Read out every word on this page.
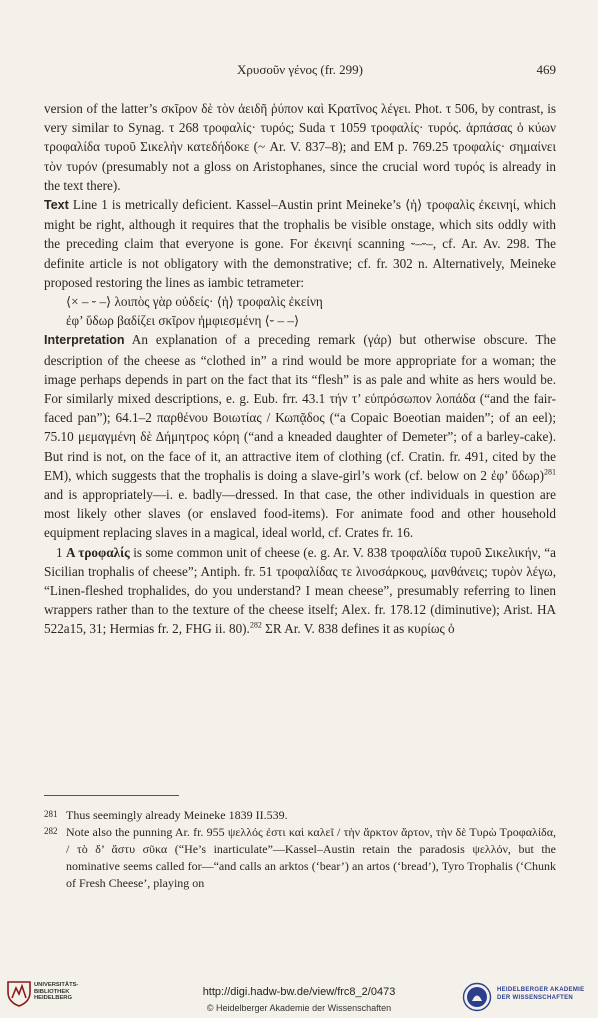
Χρυσοῦν γένος (fr. 299)	469

version of the latter’s σκῖρον δὲ τὸν ἀειδῆ ῥύπον καὶ Κρατῖνος λέγει. Phot. τ 506, by contrast, is very similar to Synag. τ 268 τροφαλίς· τυρός; Suda τ 1059 τροφαλίς· τυρός. ἁρπάσας ὁ κύων τροφαλίδα τυροῦ Σικελὴν κατεδήδοκε (~ Ar. V. 837–8); and EM p. 769.25 τροφαλίς· σημαίνει τὸν τυρόν (presumably not a gloss on Aristophanes, since the crucial word τυρός is already in the text there).

Text Line 1 is metrically deficient. Kassel–Austin print Meineke’s ⟨ἡ⟩ τροφαλὶς ἐκεινηί, which might be right, although it requires that the trophalis be visible onstage, which sits oddly with the preceding claim that everyone is gone. For ἐκεινηί scanning ⏑–⏑–, cf. Ar. Av. 298. The definite article is not obligatory with the demonstrative; cf. fr. 302 n. Alternatively, Meineke proposed restoring the lines as iambic tetrameter:

⟨× – ⏑ –⟩ λοιπὸς γὰρ οὐδείς· ⟨ἡ⟩ τροφαλὶς ἐκείνη

ἐφ’ ὕδωρ βαδίζει σκῖρον ἠμφιεσμένη ⟨⏑ – –⟩

Interpretation An explanation of a preceding remark (γάρ) but otherwise obscure. The description of the cheese as “clothed in” a rind would be more appropriate for a woman; the image perhaps depends in part on the fact that its “flesh” is as pale and white as hers would be. For similarly mixed descriptions, e. g. Eub. frr. 43.1 τήν τ’ εὐπρόσωπον λοπάδα (“and the fair-faced pan”); 64.1–2 παρθένου Βοιωτίας / Κωπᾷδος (“a Copaic Boeotian maiden”; of an eel); 75.10 μεμαγμένη δὲ Δήμητρος κόρη (“and a kneaded daughter of Demeter”; of a barley-cake). But rind is not, on the face of it, an attractive item of clothing (cf. Cratin. fr. 491, cited by the EM), which suggests that the trophalis is doing a slave-girl’s work (cf. below on 2 ἐφ’ ὕδωρ)$^{281}$ and is appropriately—i. e. badly—dressed. In that case, the other individuals in question are most likely other slaves (or enslaved food-items). For animate food and other household equipment replacing slaves in a magical, ideal world, cf. Crates fr. 16.

1 A τροφαλίς is some common unit of cheese (e. g. Ar. V. 838 τροφαλίδα τυροῦ Σικελικήν, “a Sicilian trophalis of cheese”; Antiph. fr. 51 τροφαλίδας τε λινοσάρκους, μανθάνεις; τυρὸν λέγω, “Linen-fleshed trophalides, do you understand? I mean cheese”, presumably referring to linen wrappers rather than to the texture of the cheese itself; Alex. fr. 178.12 (diminutive); Arist. HA 522a15, 31; Hermias fr. 2, FHG ii. 80).$^{282}$ ΣR Ar. V. 838 defines it as κυρίως ὁ

281 Thus seemingly already Meineke 1839 II.539.
282 Note also the punning Ar. fr. 955 ψελλός ἐστι καὶ καλεῖ / τὴν ἄρκτον ἄρτον, τὴν δὲ Τυρὼ Τροφαλίδα, / τὸ δ’ ἄστυ σῦκα (“He’s inarticulate”—Kassel–Austin retain the paradosis ψελλόν, but the nominative seems called for—“and calls an arktos (‘bear’) an artos (‘bread’), Tyro Trophalis (‘Chunk of Fresh Cheese’, playing on
UNIVERSITÄTS-
BIBLIOTHEK
HEIDELBERG
http://digi.hadw-bw.de/view/frc8_2/0473
© Heidelberger Akademie der Wissenschaften
HEIDELBERGER AKADEMIE
DER WISSENSCHAFTEN
